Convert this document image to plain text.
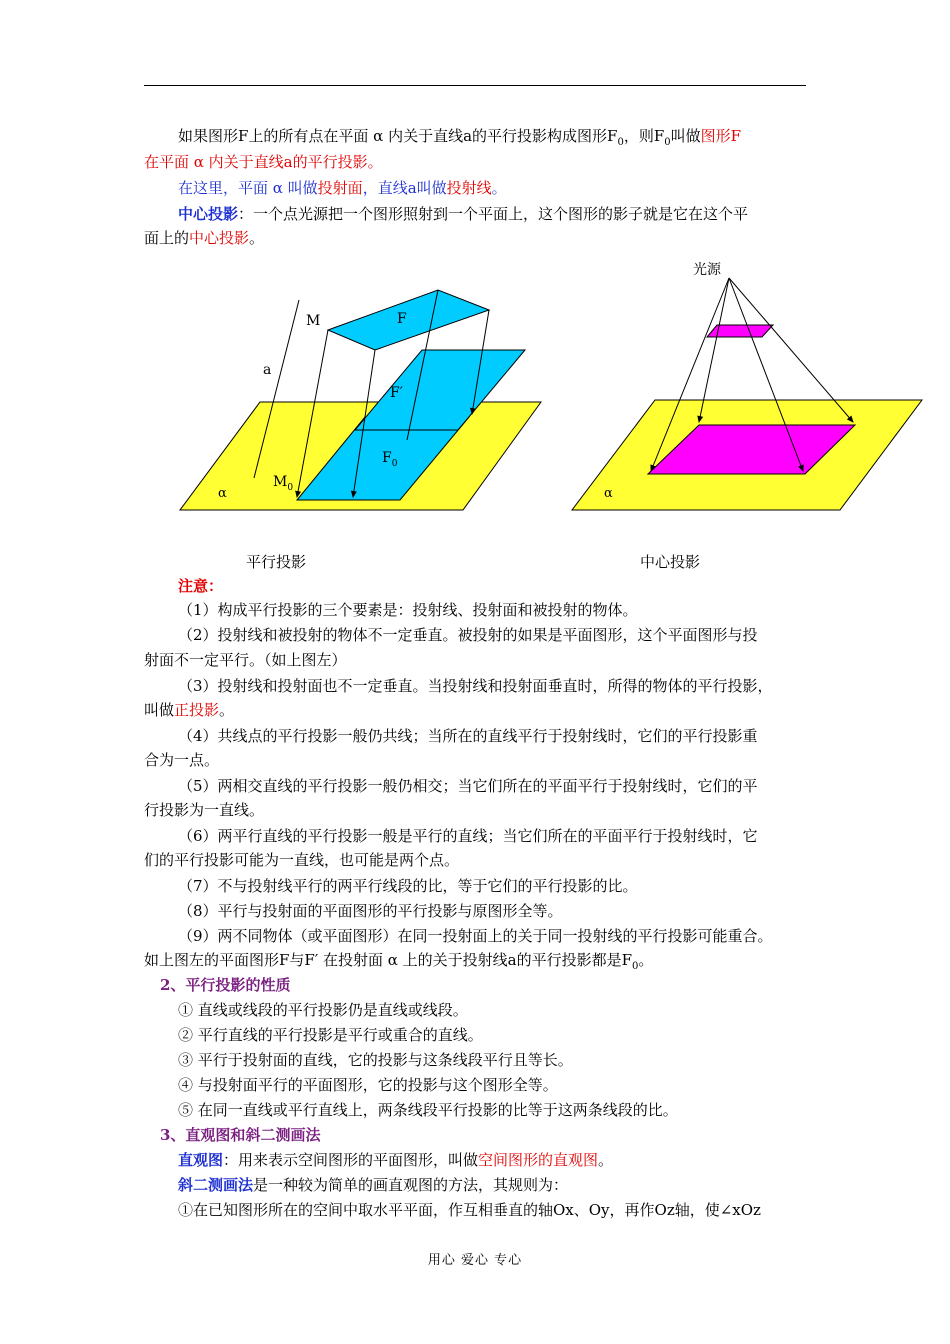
如果图形F上的所有点在平面 α 内关于直线a的平行投影构成图形$F_0$，则$F_0$叫做图形F
在平面 α 内关于直线a的平行投影。
在这里，平面 α 叫做投射面，直线a叫做投射线。
中心投影：一个点光源把一个图形照射到一个平面上，这个图形的影子就是它在这个平
面上的中心投影。
M	F
a
F′
$F_0$
$M_0$
α
光源
α
平行投影	中心投影
注意：
（1）构成平行投影的三个要素是：投射线、投射面和被投射的物体。
（2）投射线和被投射的物体不一定垂直。被投射的如果是平面图形，这个平面图形与投
射面不一定平行。（如上图左）
（3）投射线和投射面也不一定垂直。当投射线和投射面垂直时，所得的物体的平行投影，
叫做正投影。
（4）共线点的平行投影一般仍共线；当所在的直线平行于投射线时，它们的平行投影重
合为一点。
（5）两相交直线的平行投影一般仍相交；当它们所在的平面平行于投射线时，它们的平
行投影为一直线。
（6）两平行直线的平行投影一般是平行的直线；当它们所在的平面平行于投射线时，它
们的平行投影可能为一直线，也可能是两个点。
（7）不与投射线平行的两平行线段的比，等于它们的平行投影的比。
（8）平行与投射面的平面图形的平行投影与原图形全等。
（9）两不同物体（或平面图形）在同一投射面上的关于同一投射线的平行投影可能重合。
如上图左的平面图形F与F′ 在投射面 α 上的关于投射线a的平行投影都是$F_0$。
2、平行投影的性质
① 直线或线段的平行投影仍是直线或线段。
② 平行直线的平行投影是平行或重合的直线。
③ 平行于投射面的直线，它的投影与这条线段平行且等长。
④ 与投射面平行的平面图形，它的投影与这个图形全等。
⑤ 在同一直线或平行直线上，两条线段平行投影的比等于这两条线段的比。
3、直观图和斜二测画法
直观图：用来表示空间图形的平面图形，叫做空间图形的直观图。
斜二测画法是一种较为简单的画直观图的方法，其规则为：
①在已知图形所在的空间中取水平平面，作互相垂直的轴Ox、Oy，再作Oz轴，使∠xOz
用心 爱心 专心
